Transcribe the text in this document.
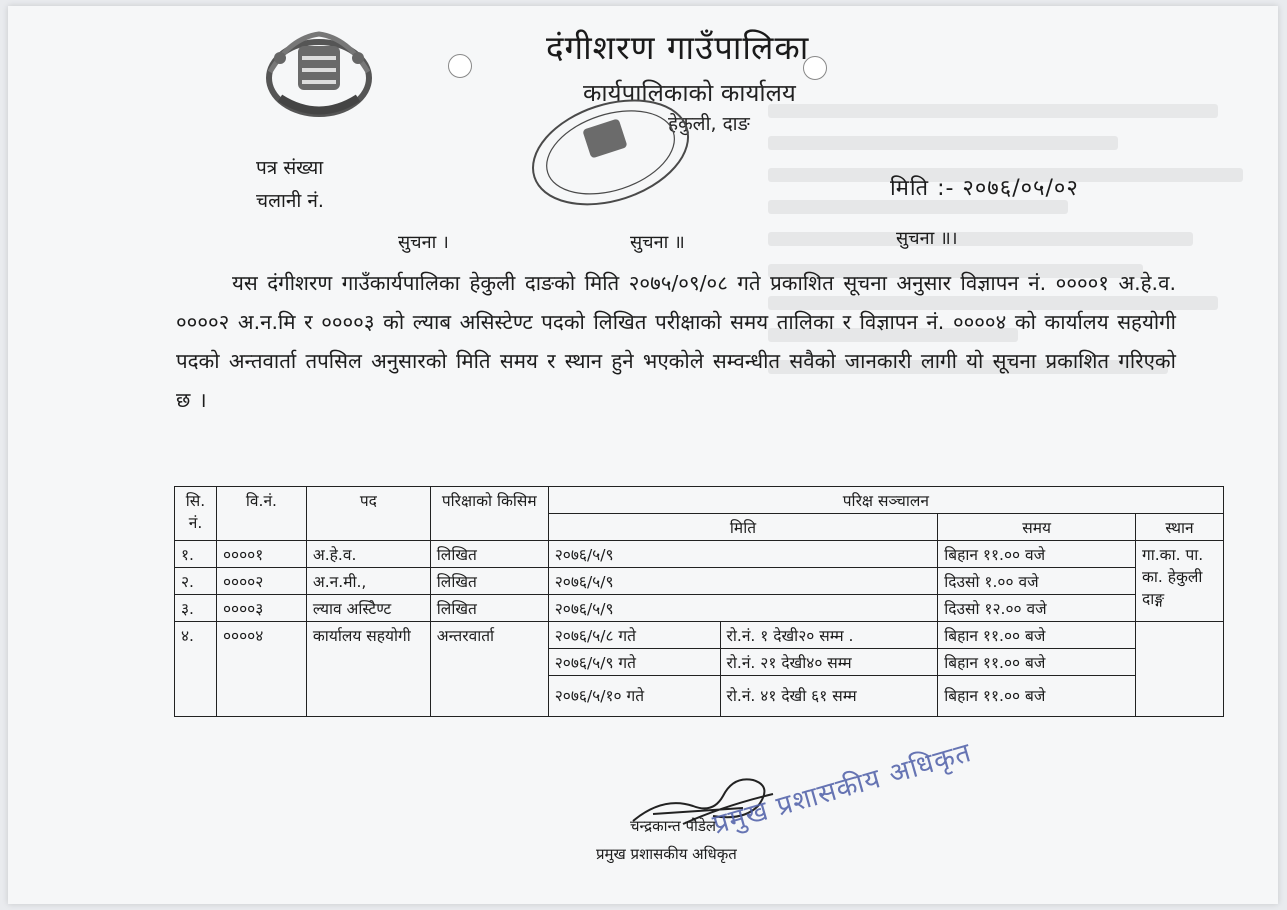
दंगीशरण गाउँपालिका
कार्यपालिकाको कार्यालय
हेकुली, दाङ
पत्र संख्या
चलानी नं.	मिति :- २०७६/०५/०२
सुचना ।	सुचना ॥	सुचना ॥।
यस दंगीशरण गाउँकार्यपालिका हेकुली दाङको मिति २०७५/०९/०८ गते प्रकाशित सूचना अनुसार विज्ञापन नं. ००००१ अ.हे.व. ००००२ अ.न.मि र ००००३ को ल्याब असिस्टेण्ट पदको लिखित परीक्षाको समय तालिका र विज्ञापन नं. ००००४ को कार्यालय सहयोगी पदको अन्तवार्ता तपसिल अनुसारको मिति समय र स्थान हुने भएकोले सम्वन्धीत सवैको जानकारी लागी यो सूचना प्रकाशित गरिएको छ ।
सि. नं.	वि.नं.	पद	परिक्षाको किसिम	परिक्ष सञ्चालन			
				मिति		समय	स्थान
१.	००००१	अ.हे.व.	लिखित	२०७६/५/९		बिहान ११.०० वजे	गा.का. पा. का. हेकुली दाङ्ग
२.	००००२	अ.न.मी.,	लिखित	२०७६/५/९		दिउसो १.०० वजे	
३.	००००३	ल्याव अस्टिेण्ट	लिखित	२०७६/५/९		दिउसो १२.०० वजे	
४.	००००४	कार्यालय सहयोगी	अन्तरवार्ता	२०७६/५/८ गते	रो.नं. १ देखी२० सम्म .	बिहान ११.०० बजे	
				२०७६/५/९ गते	रो.नं. २१ देखी४० सम्म	बिहान ११.०० बजे	
				२०७६/५/१० गते	रो.नं. ४१ देखी ६१ सम्म	बिहान ११.०० बजे	
चन्द्रकान्त पौडेल
प्रमुख प्रशासकीय अधिकृत
प्रमुख प्रशासकीय अधिकृत
